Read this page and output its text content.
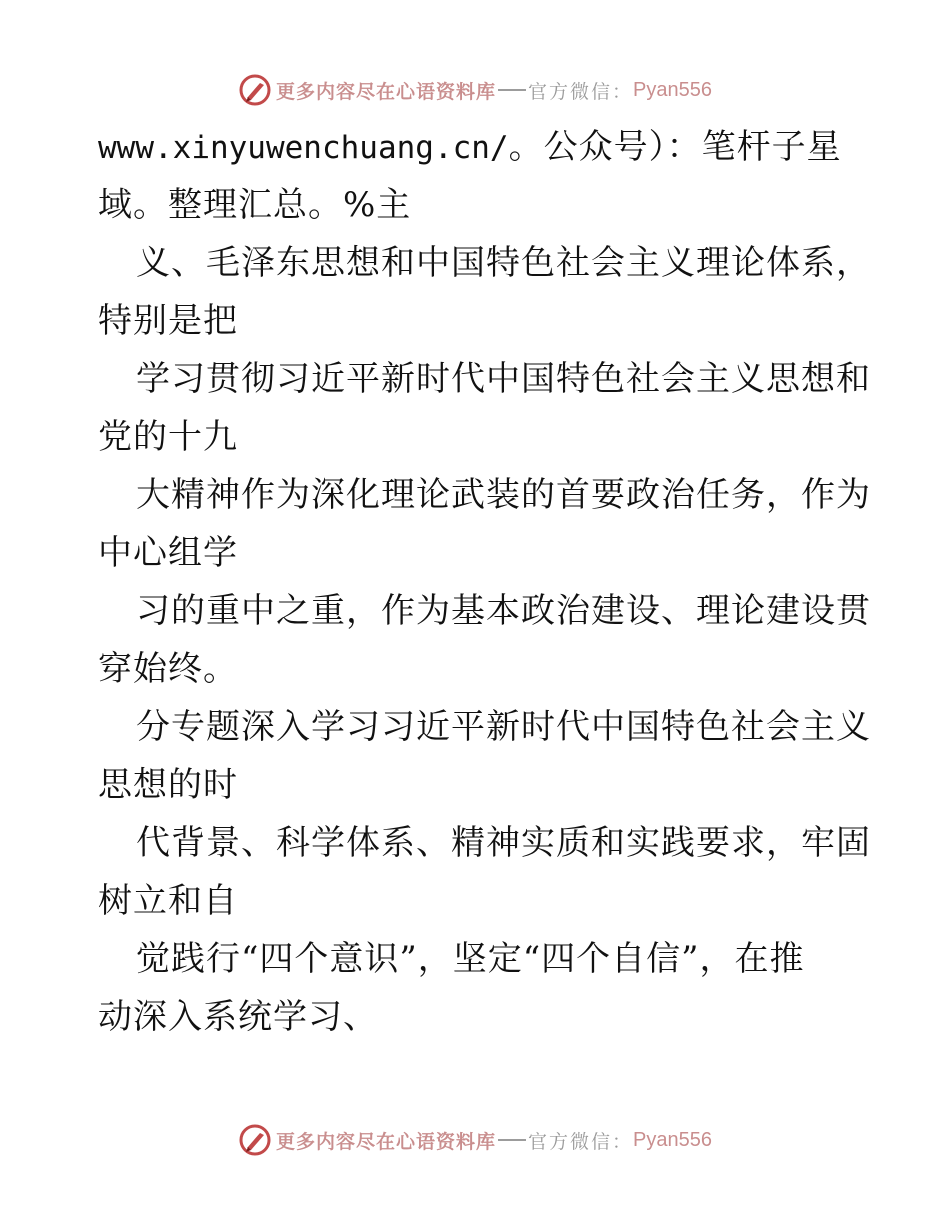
更多内容尽在心语资料库 官方微信： Pyan556
www.xinyuwenchuang.cn/。公众号）：笔杆子星
域。整理汇总。%主
义、毛泽东思想和中国特色社会主义理论体系，
特别是把
学习贯彻习近平新时代中国特色社会主义思想和
党的十九
大精神作为深化理论武装的首要政治任务，作为
中心组学
习的重中之重，作为基本政治建设、理论建设贯
穿始终。
分专题深入学习习近平新时代中国特色社会主义
思想的时
代背景、科学体系、精神实质和实践要求，牢固
树立和自
觉践行“四个意识”，坚定“四个自信”，在推
动深入系统学习、
更多内容尽在心语资料库 官方微信： Pyan556
